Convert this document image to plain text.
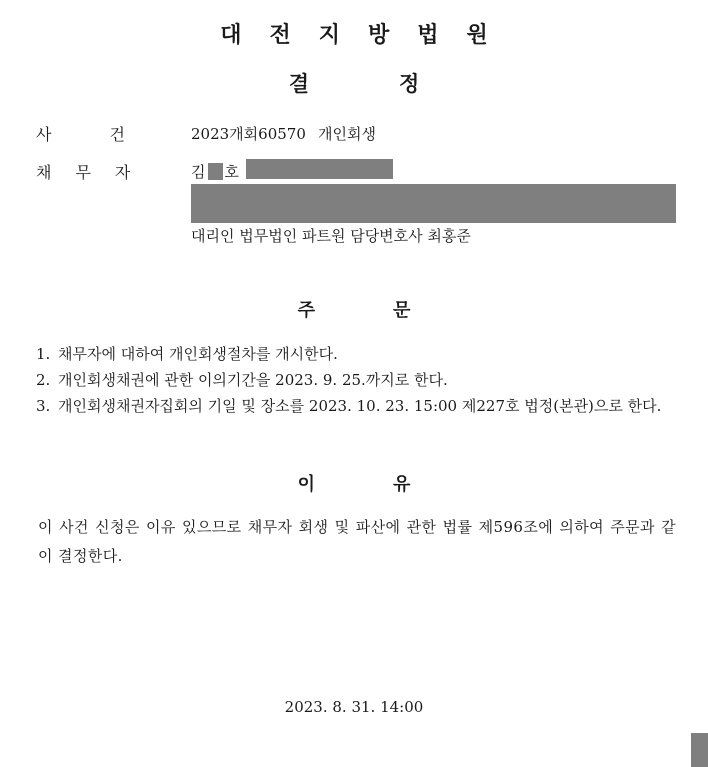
대전지방법원
결정
사건 2023개회60570 개인회생
채무자 김 호
대리인 법무법인 파트원 담당변호사 최홍준
주문
1. 채무자에 대하여 개인회생절차를 개시한다.
2. 개인회생채권에 관한 이의기간을 2023. 9. 25.까지로 한다.
3. 개인회생채권자집회의 기일 및 장소를 2023. 10. 23. 15:00 제227호 법정(본관)으로 한다.
이유
이 사건 신청은 이유 있으므로 채무자 회생 및 파산에 관한 법률 제596조에 의하여 주문과 같이 결정한다.
2023. 8. 31. 14:00
